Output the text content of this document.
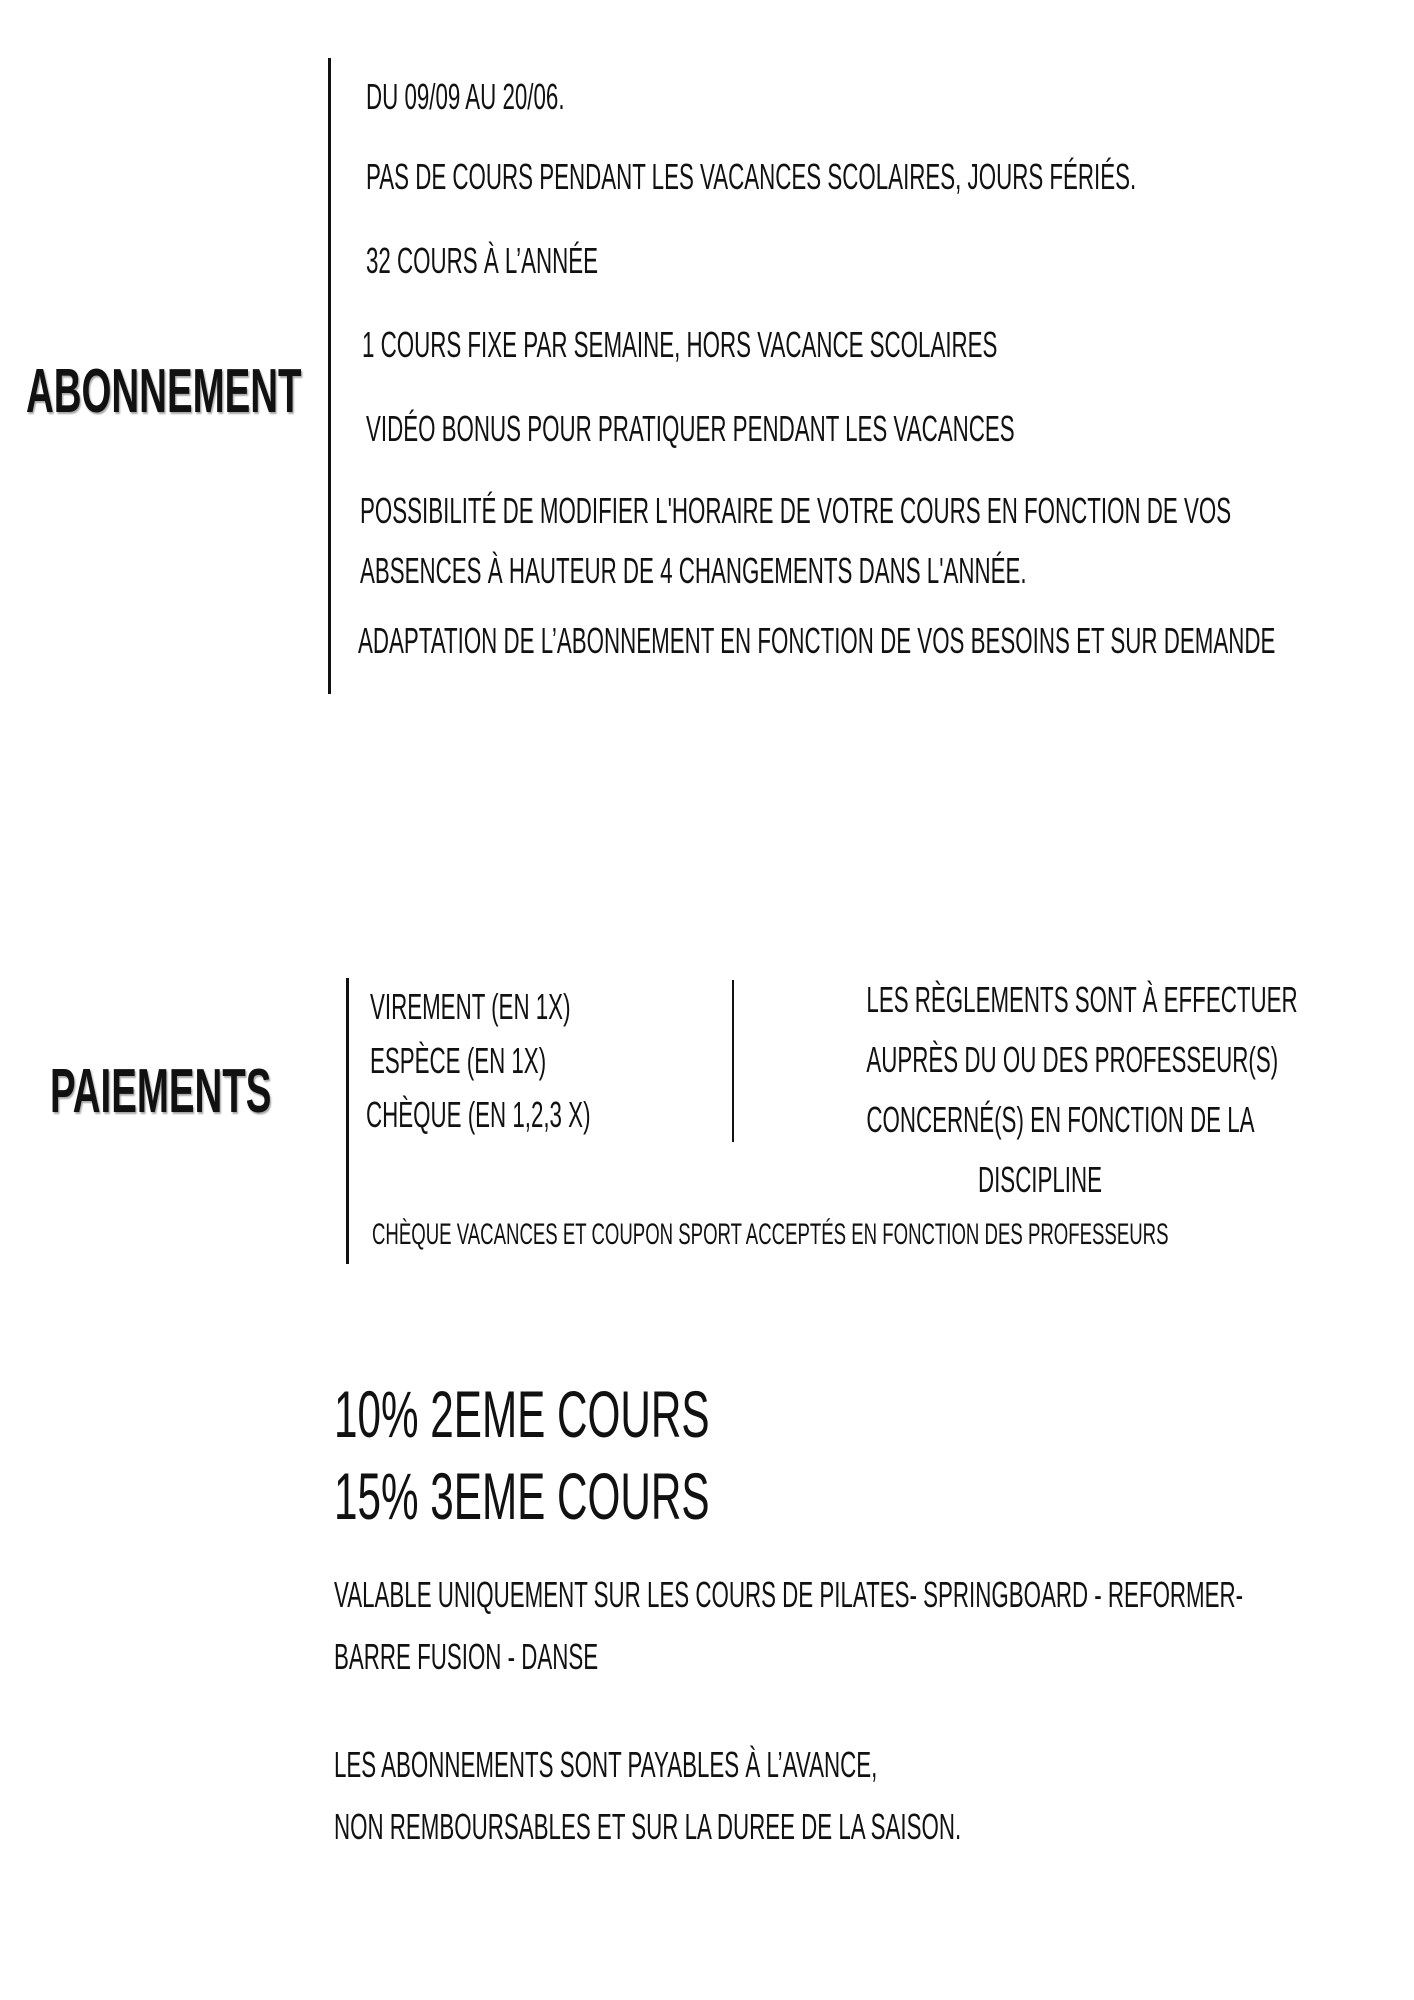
ABONNEMENT
DU 09/09 AU 20/06.
PAS DE COURS PENDANT LES VACANCES SCOLAIRES, JOURS FÉRIÉS.
32 COURS À L’ANNÉE
1 COURS FIXE PAR SEMAINE, HORS VACANCE SCOLAIRES
VIDÉO BONUS POUR PRATIQUER PENDANT LES VACANCES
POSSIBILITÉ DE MODIFIER L'HORAIRE DE VOTRE COURS EN FONCTION DE VOS
ABSENCES À HAUTEUR DE 4 CHANGEMENTS DANS L'ANNÉE.
ADAPTATION DE L’ABONNEMENT EN FONCTION DE VOS BESOINS ET SUR DEMANDE
PAIEMENTS
VIREMENT (EN 1X)
ESPÈCE (EN 1X)
CHÈQUE (EN 1,2,3 X)
LES RÈGLEMENTS SONT À EFFECTUER
AUPRÈS DU OU DES PROFESSEUR(S)
CONCERNÉ(S) EN FONCTION DE LA
DISCIPLINE
CHÈQUE VACANCES ET COUPON SPORT ACCEPTÉS EN FONCTION DES PROFESSEURS
10% 2EME COURS
15% 3EME COURS
VALABLE UNIQUEMENT SUR LES COURS DE PILATES- SPRINGBOARD - REFORMER-
BARRE FUSION - DANSE
LES ABONNEMENTS SONT PAYABLES À L’AVANCE,
NON REMBOURSABLES ET SUR LA DUREE DE LA SAISON.
